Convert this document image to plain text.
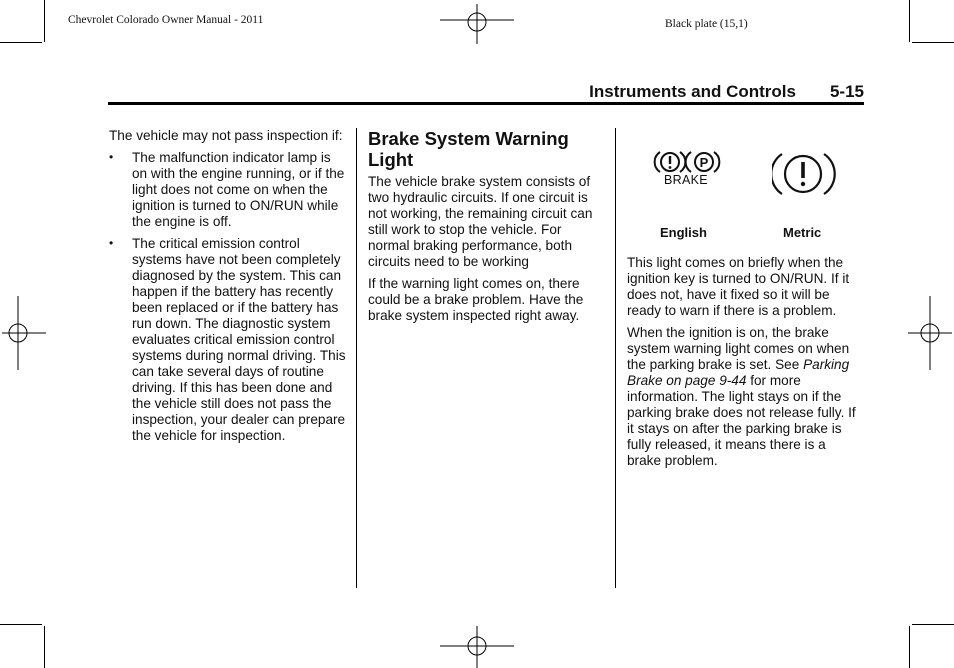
Chevrolet Colorado Owner Manual - 2011	Black plate (15,1)
Instruments and Controls 5-15

The vehicle may not pass inspection if:

• The malfunction indicator lamp is on with the engine running, or if the light does not come on when the ignition is turned to ON/RUN while the engine is off.
• The critical emission control systems have not been completely diagnosed by the system. This can happen if the battery has recently been replaced or if the battery has run down. The diagnostic system evaluates critical emission control systems during normal driving. This can take several days of routine driving. If this has been done and the vehicle still does not pass the inspection, your dealer can prepare the vehicle for inspection.
Brake System Warning Light

The vehicle brake system consists of two hydraulic circuits. If one circuit is not working, the remaining circuit can still work to stop the vehicle. For normal braking performance, both circuits need to be working

If the warning light comes on, there could be a brake problem. Have the brake system inspected right away.

P
BRAKE
English	Metric

This light comes on briefly when the ignition key is turned to ON/RUN. If it does not, have it fixed so it will be ready to warn if there is a problem.

When the ignition is on, the brake system warning light comes on when the parking brake is set. See Parking Brake on page 9-44 for more information. The light stays on if the parking brake does not release fully. If it stays on after the parking brake is fully released, it means there is a brake problem.
